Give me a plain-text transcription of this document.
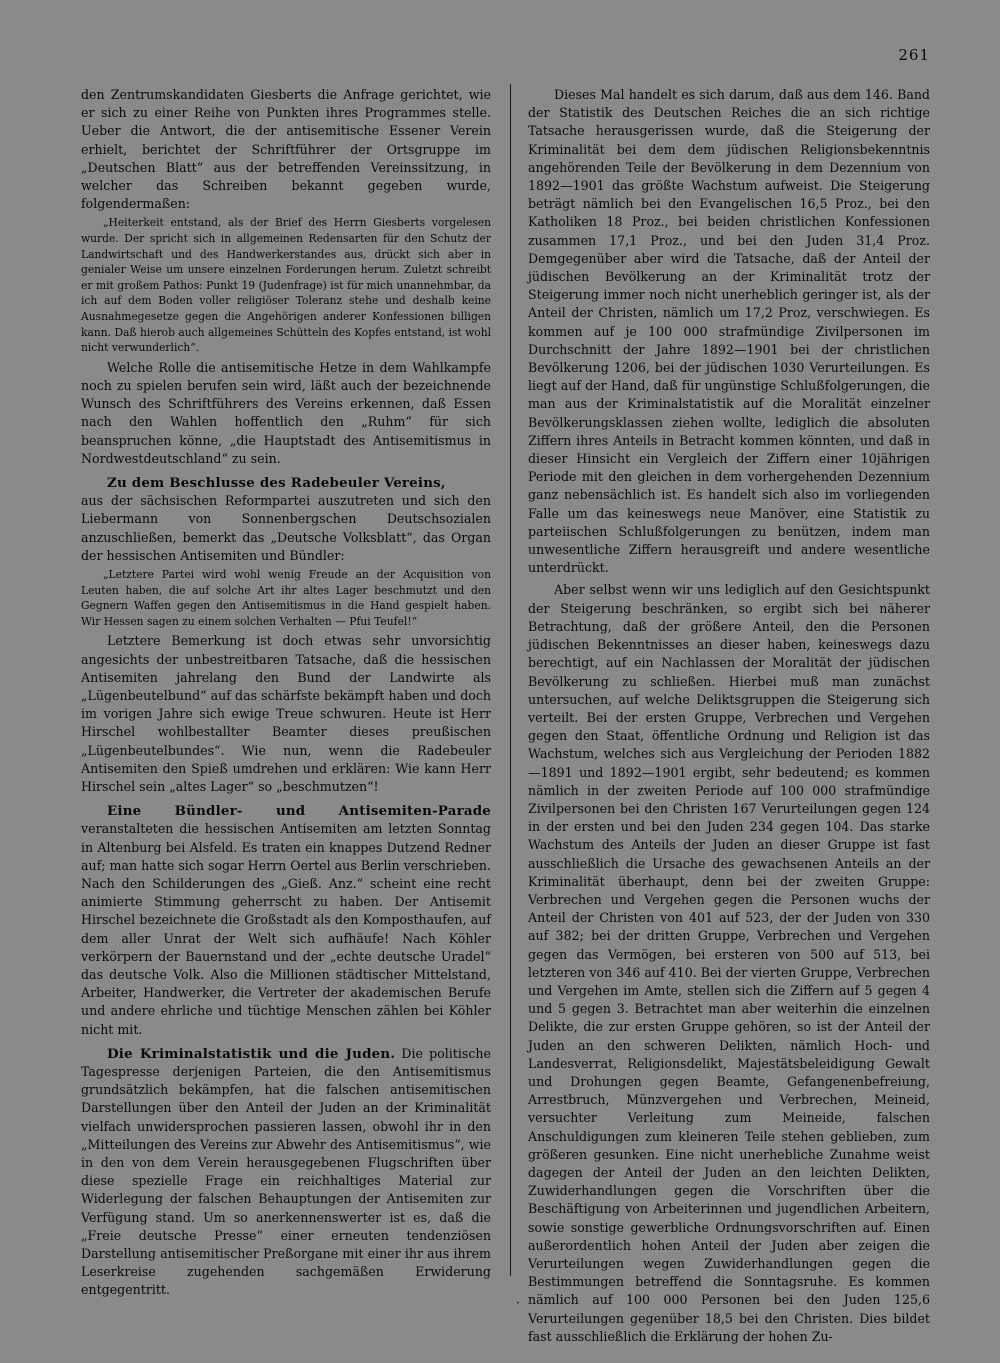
261

den Zentrumskandidaten Giesberts die Anfrage gerichtet, wie er sich zu einer Reihe von Punkten ihres Programmes stelle. Ueber die Antwort, die der antisemitische Essener Verein erhielt, berichtet der Schriftführer der Ortsgruppe im „Deutschen Blatt“ aus der betreffenden Vereinssitzung, in welcher das Schreiben bekannt gegeben wurde, folgendermaßen:

„Heiterkeit entstand, als der Brief des Herrn Giesberts vorgelesen wurde. Der spricht sich in allgemeinen Redensarten für den Schutz der Landwirtschaft und des Handwerkerstandes aus, drückt sich aber in genialer Weise um unsere einzelnen Forderungen herum. Zuletzt schreibt er mit großem Pathos: Punkt 19 (Judenfrage) ist für mich unannehmbar, da ich auf dem Boden voller religiöser Toleranz stehe und deshalb keine Ausnahmegesetze gegen die Angehörigen anderer Konfessionen billigen kann. Daß hierob auch allgemeines Schütteln des Kopfes entstand, ist wohl nicht verwunderlich“.

Welche Rolle die antisemitische Hetze in dem Wahlkampfe noch zu spielen berufen sein wird, läßt auch der bezeichnende Wunsch des Schriftführers des Vereins erkennen, daß Essen nach den Wahlen hoffentlich den „Ruhm“ für sich beanspruchen könne, „die Hauptstadt des Antisemitismus in Nordwestdeutschland“ zu sein.

Zu dem Beschlusse des Radebeuler Vereins,

aus der sächsischen Reformpartei auszutreten und sich den Liebermann von Sonnenbergschen Deutschsozialen anzuschließen, bemerkt das „Deutsche Volksblatt“, das Organ der hessischen Antisemiten und Bündler:

„Letztere Partei wird wohl wenig Freude an der Acquisition von Leuten haben, die auf solche Art ihr altes Lager beschmutzt und den Gegnern Waffen gegen den Antisemitismus in die Hand gespielt haben. Wir Hessen sagen zu einem solchen Verhalten — Pfui Teufel!“

Letztere Bemerkung ist doch etwas sehr unvorsichtig angesichts der unbestreitbaren Tatsache, daß die hessischen Antisemiten jahrelang den Bund der Landwirte als „Lügenbeutelbund“ auf das schärfste bekämpft haben und doch im vorigen Jahre sich ewige Treue schwuren. Heute ist Herr Hirschel wohlbestallter Beamter dieses preußischen „Lügenbeutelbundes“. Wie nun, wenn die Radebeuler Antisemiten den Spieß umdrehen und erklären: Wie kann Herr Hirschel sein „altes Lager“ so „beschmutzen“!

Eine Bündler- und Antisemiten-Parade veranstalteten die hessischen Antisemiten am letzten Sonntag in Altenburg bei Alsfeld. Es traten ein knappes Dutzend Redner auf; man hatte sich sogar Herrn Oertel aus Berlin verschrieben. Nach den Schilderungen des „Gieß. Anz.“ scheint eine recht animierte Stimmung geherrscht zu haben. Der Antisemit Hirschel bezeichnete die Großstadt als den Komposthaufen, auf dem aller Unrat der Welt sich aufhäufe! Nach Köhler verkörpern der Bauernstand und der „echte deutsche Uradel“ das deutsche Volk. Also die Millionen städtischer Mittelstand, Arbeiter, Handwerker, die Vertreter der akademischen Berufe und andere ehrliche und tüchtige Menschen zählen bei Köhler nicht mit.

Die Kriminalstatistik und die Juden. Die politische Tagespresse derjenigen Parteien, die den Antisemitismus grundsätzlich bekämpfen, hat die falschen antisemitischen Darstellungen über den Anteil der Juden an der Kriminalität vielfach unwidersprochen passieren lassen, obwohl ihr in den „Mitteilungen des Vereins zur Abwehr des Antisemitismus“, wie in den von dem Verein herausgegebenen Flugschriften über diese spezielle Frage ein reichhaltiges Material zur Widerlegung der falschen Behauptungen der Antisemiten zur Verfügung stand. Um so anerkennenswerter ist es, daß die „Freie deutsche Presse“ einer erneuten tendenziösen Darstellung antisemitischer Preßorgane mit einer ihr aus ihrem Leserkreise zugehenden sachgemäßen Erwiderung entgegentritt.

Dieses Mal handelt es sich darum, daß aus dem 146. Band der Statistik des Deutschen Reiches die an sich richtige Tatsache herausgerissen wurde, daß die Steigerung der Kriminalität bei dem dem jüdischen Religionsbekenntnis angehörenden Teile der Bevölkerung in dem Dezennium von 1892—1901 das größte Wachstum aufweist. Die Steigerung beträgt nämlich bei den Evangelischen 16,5 Proz., bei den Katholiken 18 Proz., bei beiden christlichen Konfessionen zusammen 17,1 Proz., und bei den Juden 31,4 Proz. Demgegenüber aber wird die Tatsache, daß der Anteil der jüdischen Bevölkerung an der Kriminalität trotz der Steigerung immer noch nicht unerheblich geringer ist, als der Anteil der Christen, nämlich um 17,2 Proz, verschwiegen. Es kommen auf je 100 000 strafmündige Zivilpersonen im Durchschnitt der Jahre 1892—1901 bei der christlichen Bevölkerung 1206, bei der jüdischen 1030 Verurteilungen. Es liegt auf der Hand, daß für ungünstige Schlußfolgerungen, die man aus der Kriminalstatistik auf die Moralität einzelner Bevölkerungsklassen ziehen wollte, lediglich die absoluten Ziffern ihres Anteils in Betracht kommen könnten, und daß in dieser Hinsicht ein Vergleich der Ziffern einer 10jährigen Periode mit den gleichen in dem vorhergehenden Dezennium ganz nebensächlich ist. Es handelt sich also im vorliegenden Falle um das keineswegs neue Manöver, eine Statistik zu parteiischen Schlußfolgerungen zu benützen, indem man unwesentliche Ziffern herausgreift und andere wesentliche unterdrückt.

Aber selbst wenn wir uns lediglich auf den Gesichtspunkt der Steigerung beschränken, so ergibt sich bei näherer Betrachtung, daß der größere Anteil, den die Personen jüdischen Bekenntnisses an dieser haben, keineswegs dazu berechtigt, auf ein Nachlassen der Moralität der jüdischen Bevölkerung zu schließen. Hierbei muß man zunächst untersuchen, auf welche Deliktsgruppen die Steigerung sich verteilt. Bei der ersten Gruppe, Verbrechen und Vergehen gegen den Staat, öffentliche Ordnung und Religion ist das Wachstum, welches sich aus Vergleichung der Perioden 1882—1891 und 1892—1901 ergibt, sehr bedeutend; es kommen nämlich in der zweiten Periode auf 100 000 strafmündige Zivilpersonen bei den Christen 167 Verurteilungen gegen 124 in der ersten und bei den Juden 234 gegen 104. Das starke Wachstum des Anteils der Juden an dieser Gruppe ist fast ausschließlich die Ursache des gewachsenen Anteils an der Kriminalität überhaupt, denn bei der zweiten Gruppe: Verbrechen und Vergehen gegen die Personen wuchs der Anteil der Christen von 401 auf 523, der der Juden von 330 auf 382; bei der dritten Gruppe, Verbrechen und Vergehen gegen das Vermögen, bei ersteren von 500 auf 513, bei letzteren von 346 auf 410. Bei der vierten Gruppe, Verbrechen und Vergehen im Amte, stellen sich die Ziffern auf 5 gegen 4 und 5 gegen 3. Betrachtet man aber weiterhin die einzelnen Delikte, die zur ersten Gruppe gehören, so ist der Anteil der Juden an den schweren Delikten, nämlich Hoch- und Landesverrat, Religionsdelikt, Majestätsbeleidigung Gewalt und Drohungen gegen Beamte, Gefangenenbefreiung, Arrestbruch, Münzvergehen und Verbrechen, Meineid, versuchter Verleitung zum Meineide, falschen Anschuldigungen zum kleineren Teile stehen geblieben, zum größeren gesunken. Eine nicht unerhebliche Zunahme weist dagegen der Anteil der Juden an den leichten Delikten, Zuwiderhandlungen gegen die Vorschriften über die Beschäftigung von Arbeiterinnen und jugendlichen Arbeitern, sowie sonstige gewerbliche Ordnungsvorschriften auf. Einen außerordentlich hohen Anteil der Juden aber zeigen die Verurteilungen wegen Zuwiderhandlungen gegen die Bestimmungen betreffend die Sonntagsruhe. Es kommen nämlich auf 100 000 Personen bei den Juden 125,6 Verurteilungen gegenüber 18,5 bei den Christen. Dies bildet fast ausschließlich die Erklärung der hohen Zu-

·
